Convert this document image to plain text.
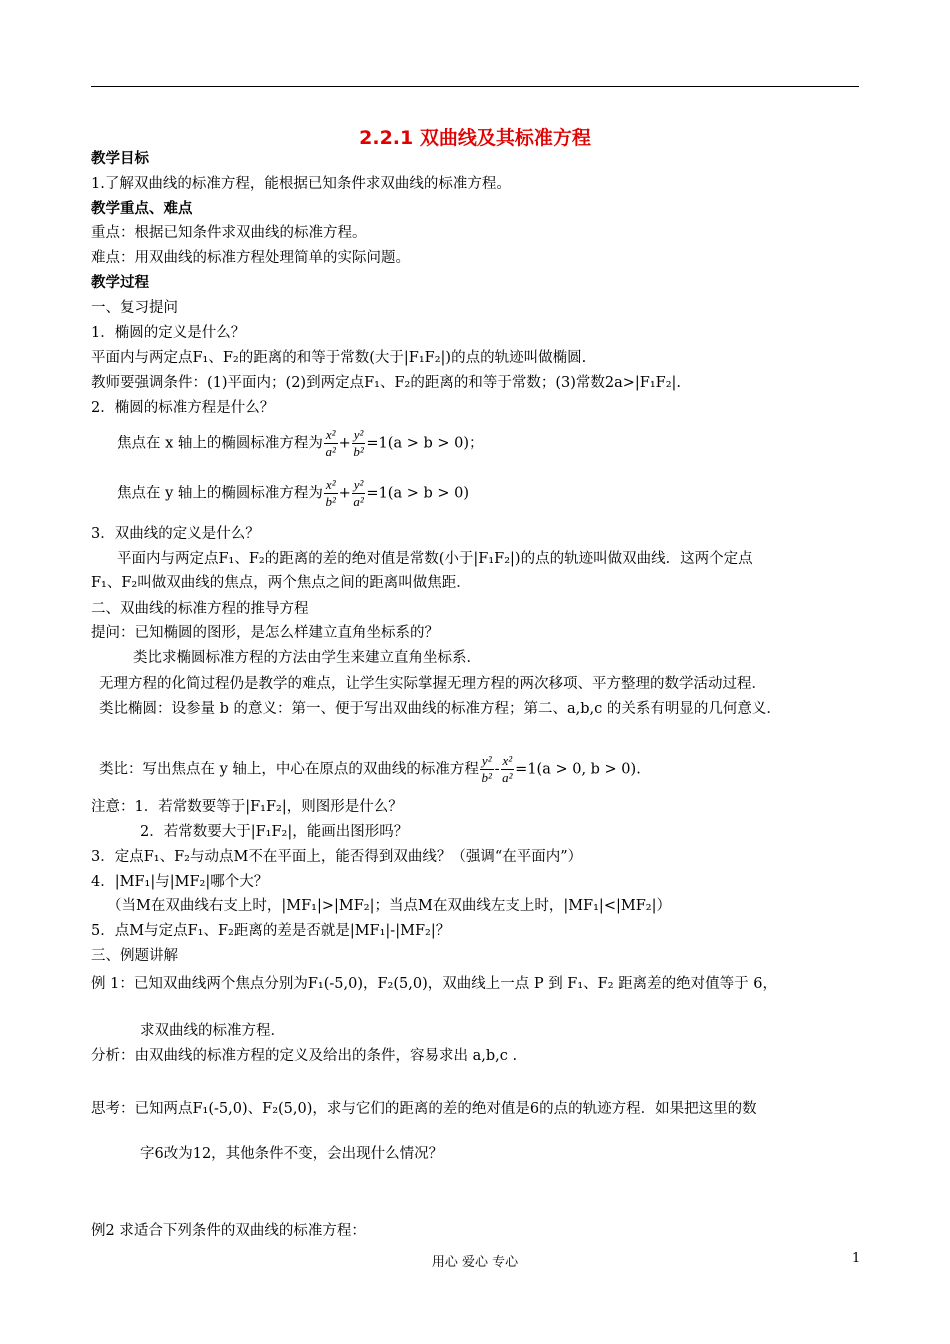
2.2.1 双曲线及其标准方程
教学目标
1.了解双曲线的标准方程，能根据已知条件求双曲线的标准方程。
教学重点、难点
重点：根据已知条件求双曲线的标准方程。
难点：用双曲线的标准方程处理简单的实际问题。
教学过程
一、复习提问
1．椭圆的定义是什么？
平面内与两定点F₁、F₂的距离的和等于常数(大于|F₁F₂|)的点的轨迹叫做椭圆.
教师要强调条件：(1)平面内；(2)到两定点F₁、F₂的距离的和等于常数；(3)常数2a>|F₁F₂|.
2．椭圆的标准方程是什么？
焦点在 x 轴上的椭圆标准方程为 $\frac{\text{x²}}{\text{a²}} + \frac{\text{y²}}{\text{b²}} =1(a > b > 0)$；
焦点在 y 轴上的椭圆标准方程为 $\frac{\text{x²}}{\text{b²}} + \frac{\text{y²}}{\text{a²}} =1(a > b > 0)$
3．双曲线的定义是什么？
平面内与两定点F₁、F₂的距离的差的绝对值是常数(小于|F₁F₂|)的点的轨迹叫做双曲线．这两个定点
F₁、F₂叫做双曲线的焦点，两个焦点之间的距离叫做焦距．
二、双曲线的标准方程的推导方程
提问：已知椭圆的图形，是怎么样建立直角坐标系的？
类比求椭圆标准方程的方法由学生来建立直角坐标系．
无理方程的化简过程仍是教学的难点，让学生实际掌握无理方程的两次移项、平方整理的数学活动过程．
类比椭圆：设参量 b 的意义：第一、便于写出双曲线的标准方程；第二、a,b,c 的关系有明显的几何意义．
类比：写出焦点在 y 轴上，中心在原点的双曲线的标准方程 $\frac{\text{y²}}{\text{b²}} - \frac{\text{x²}}{\text{a²}} =1(a > 0$, b > 0).
注意：1．若常数要等于|F₁F₂|，则图形是什么？
2．若常数要大于|F₁F₂|，能画出图形吗？
3．定点F₁、F₂与动点M不在平面上，能否得到双曲线？（强调“在平面内”）
4．|MF₁|与|MF₂|哪个大？
（当M在双曲线右支上时，|MF₁|>|MF₂|；当点M在双曲线左支上时，|MF₁|<|MF₂|）
5．点M与定点F₁、F₂距离的差是否就是|MF₁|-|MF₂|？
三、例题讲解
例 1：已知双曲线两个焦点分别为F₁(-5,0)，F₂(5,0)，双曲线上一点 P 到 F₁、F₂ 距离差的绝对值等于 6，
求双曲线的标准方程．
分析：由双曲线的标准方程的定义及给出的条件，容易求出 a,b,c .
思考：已知两点F₁(-5,0)、F₂(5,0)，求与它们的距离的差的绝对值是6的点的轨迹方程．如果把这里的数
字6改为12，其他条件不变，会出现什么情况？
例2 求适合下列条件的双曲线的标准方程：
用心 爱心 专心	1
